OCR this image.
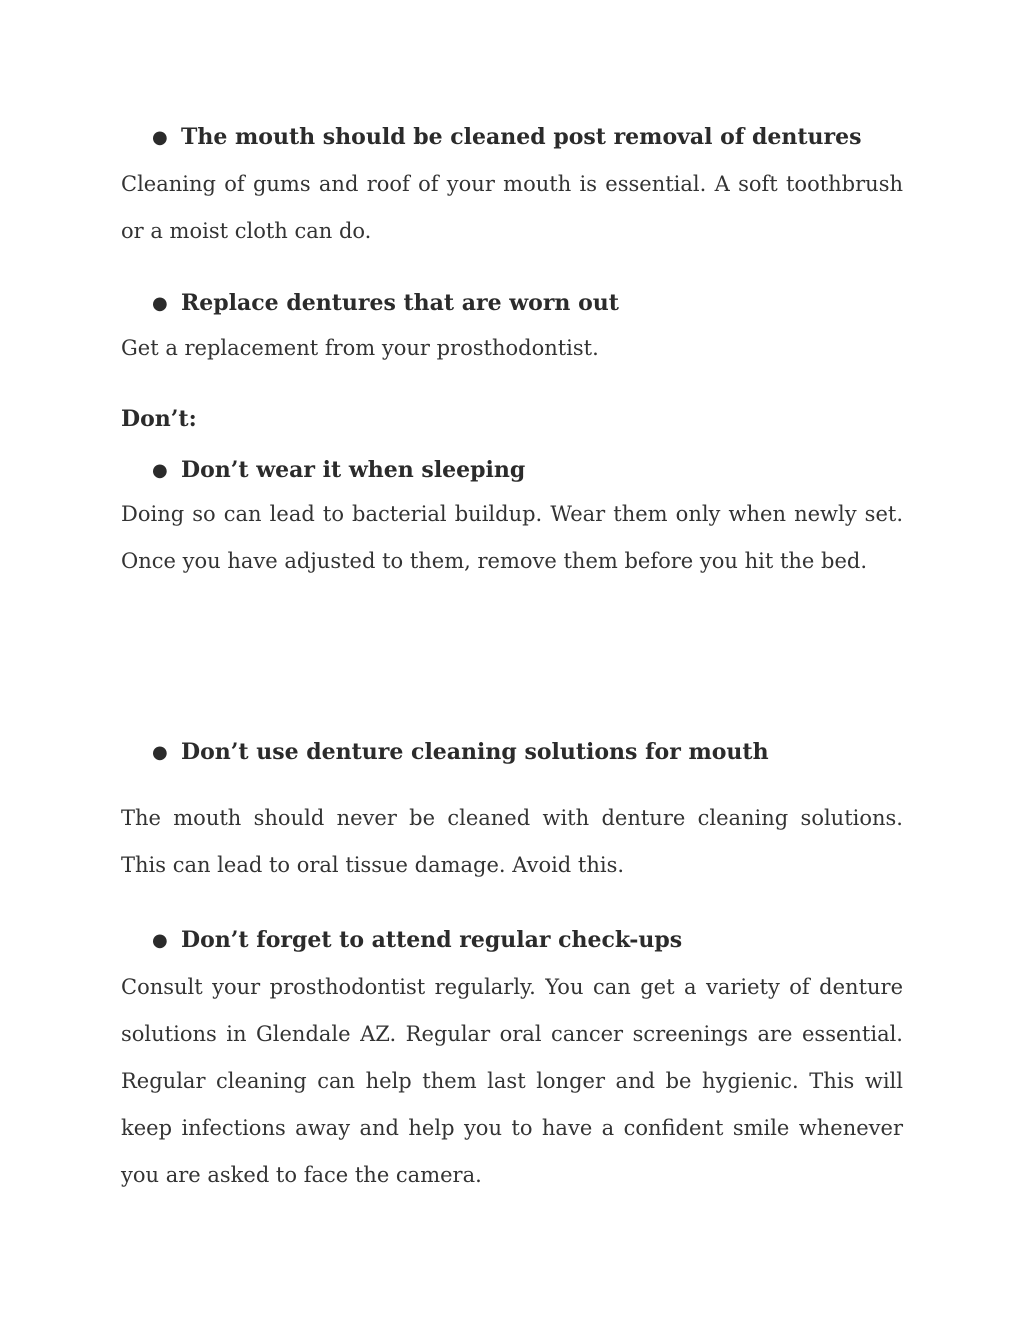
● The mouth should be cleaned post removal of dentures
Cleaning of gums and roof of your mouth is essential. A soft toothbrush or a moist cloth can do.
● Replace dentures that are worn out
Get a replacement from your prosthodontist.
Don’t:
● Don’t wear it when sleeping
Doing so can lead to bacterial buildup. Wear them only when newly set. Once you have adjusted to them, remove them before you hit the bed.
● Don’t use denture cleaning solutions for mouth
The mouth should never be cleaned with denture cleaning solutions. This can lead to oral tissue damage. Avoid this.
● Don’t forget to attend regular check-ups
Consult your prosthodontist regularly. You can get a variety of denture solutions in Glendale AZ. Regular oral cancer screenings are essential. Regular cleaning can help them last longer and be hygienic. This will keep infections away and help you to have a confident smile whenever you are asked to face the camera.
